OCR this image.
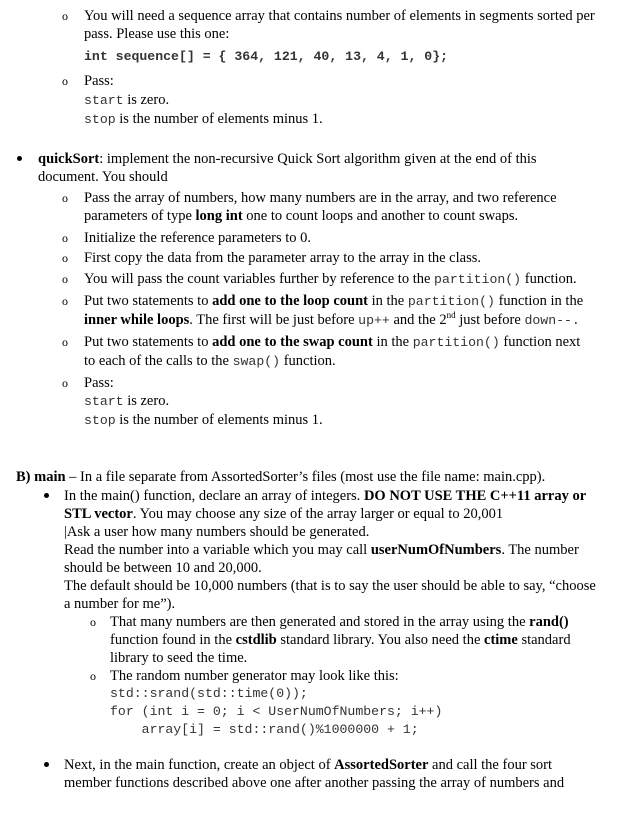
o You will need a sequence array that contains number of elements in segments sorted per
pass. Please use this one:
int sequence[] = { 364, 121, 40, 13, 4, 1, 0};
o Pass:
start is zero.
stop is the number of elements minus 1.
quickSort: implement the non-recursive Quick Sort algorithm given at the end of this
document. You should
o Pass the array of numbers, how many numbers are in the array, and two reference
parameters of type long int one to count loops and another to count swaps.
o Initialize the reference parameters to 0.
o First copy the data from the parameter array to the array in the class.
o You will pass the count variables further by reference to the partition() function.
o Put two statements to add one to the loop count in the partition() function in the
inner while loops. The first will be just before up++ and the 2nd just before down--.
o Put two statements to add one to the swap count in the partition() function next
to each of the calls to the swap() function.
o Pass:
start is zero.
stop is the number of elements minus 1.
B) main – In a file separate from AssortedSorter’s files (most use the file name: main.cpp).
In the main() function, declare an array of integers. DO NOT USE THE C++11 array or
STL vector. You may choose any size of the array larger or equal to 20,001
|Ask a user how many numbers should be generated.
Read the number into a variable which you may call userNumOfNumbers. The number
should be between 10 and 20,000.
The default should be 10,000 numbers (that is to say the user should be able to say, “choose
a number for me”).
o That many numbers are then generated and stored in the array using the rand()
function found in the cstdlib standard library. You also need the ctime standard
library to seed the time.
o The random number generator may look like this:
std::srand(std::time(0));
for (int i = 0; i < UserNumOfNumbers; i++)
array[i] = std::rand()%1000000 + 1;
Next, in the main function, create an object of AssortedSorter and call the four sort
member functions described above one after another passing the array of numbers and
